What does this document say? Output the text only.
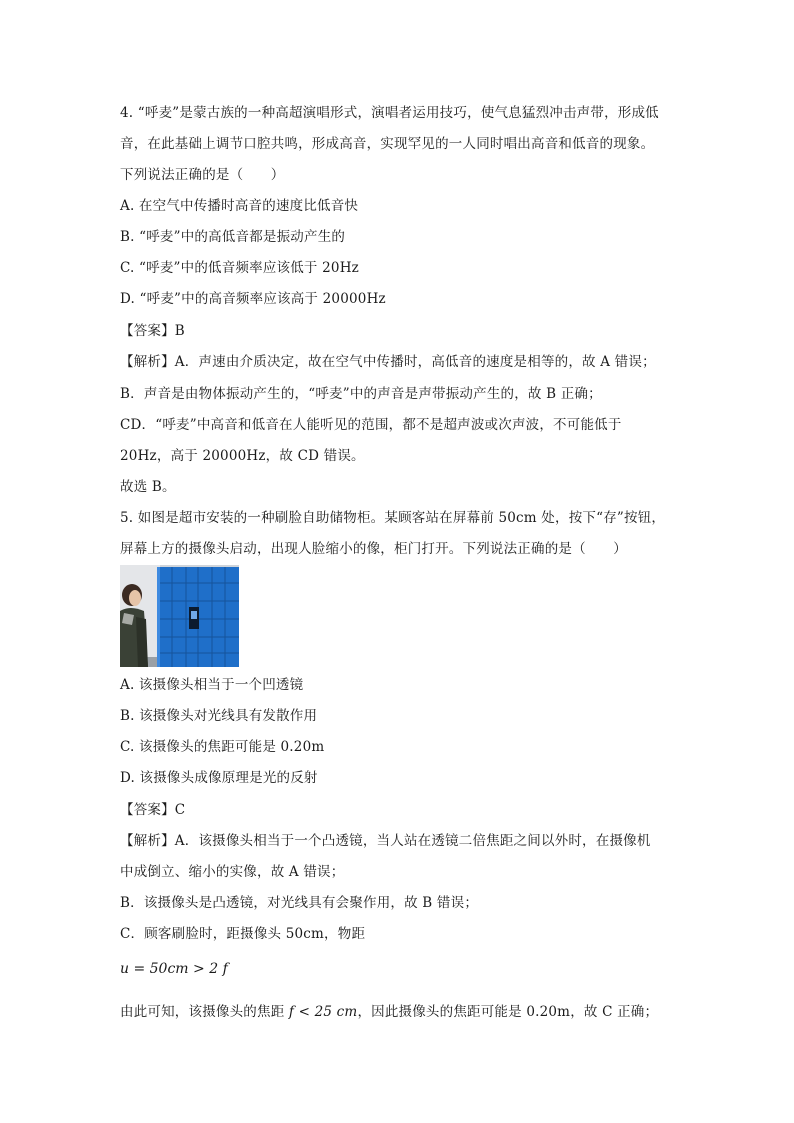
4. “呼麦”是蒙古族的一种高超演唱形式，演唱者运用技巧，使气息猛烈冲击声带，形成低
音，在此基础上调节口腔共鸣，形成高音，实现罕见的一人同时唱出高音和低音的现象。
下列说法正确的是（　　）
A. 在空气中传播时高音的速度比低音快
B. “呼麦”中的高低音都是振动产生的
C. “呼麦”中的低音频率应该低于 20Hz
D. “呼麦”中的高音频率应该高于 20000Hz
【答案】B
【解析】A．声速由介质决定，故在空气中传播时，高低音的速度是相等的，故 A 错误；
B．声音是由物体振动产生的，“呼麦”中的声音是声带振动产生的，故 B 正确；
CD．“呼麦”中高音和低音在人能听见的范围，都不是超声波或次声波，不可能低于
20Hz，高于 20000Hz，故 CD 错误。
故选 B。
5. 如图是超市安装的一种刷脸自助储物柜。某顾客站在屏幕前 50cm 处，按下“存”按钮，
屏幕上方的摄像头启动，出现人脸缩小的像，柜门打开。下列说法正确的是（　　）
A. 该摄像头相当于一个凹透镜
B. 该摄像头对光线具有发散作用
C. 该摄像头的焦距可能是 0.20m
D. 该摄像头成像原理是光的反射
【答案】C
【解析】A．该摄像头相当于一个凸透镜，当人站在透镜二倍焦距之间以外时，在摄像机
中成倒立、缩小的实像，故 A 错误；
B．该摄像头是凸透镜，对光线具有会聚作用，故 B 错误；
C．顾客刷脸时，距摄像头 50cm，物距
u = 50cm > 2 f
由此可知，该摄像头的焦距 f < 25 cm，因此摄像头的焦距可能是 0.20m，故 C 正确；
